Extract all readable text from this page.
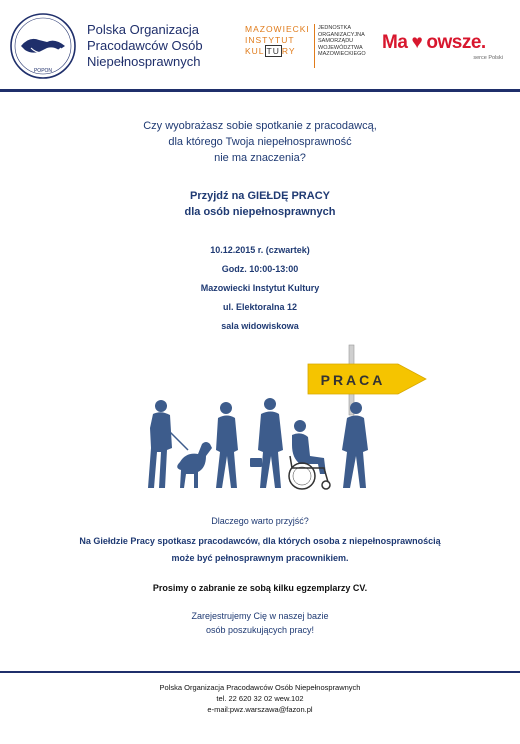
POPON
Polska Organizacja
Pracodawców Osób
Niepełnosprawnych
MAZOWIECKI
INSTYTUT
KUL TU RY
JEDNOSTKA
ORGANIZACYJNA
SAMORZĄDU
WOJEWÓDZTWA
MAZOWIECKIEGO
Ma ♥ owsze.
serce Polski
Czy wyobrażasz sobie spotkanie z pracodawcą,
dla którego Twoja niepełnosprawność
nie ma znaczenia?
Przyjdź na GIEŁDĘ PRACY
dla osób niepełnosprawnych
10.12.2015 r. (czwartek)
Godz. 10:00-13:00
Mazowiecki Instytut Kultury
ul. Elektoralna 12
sala widowiskowa
PRACA
Dlaczego warto przyjść?
Na Giełdzie Pracy spotkasz pracodawców, dla których osoba z niepełnosprawnością
może być pełnosprawnym pracownikiem.
Prosimy o zabranie ze sobą kilku egzemplarzy CV.
Zarejestrujemy Cię w naszej bazie
osób poszukujących pracy!
Polska Organizacja Pracodawców Osób Niepełnosprawnych
tel. 22 620 32 02 wew.102
e-mail:pwz.warszawa@fazon.pl
